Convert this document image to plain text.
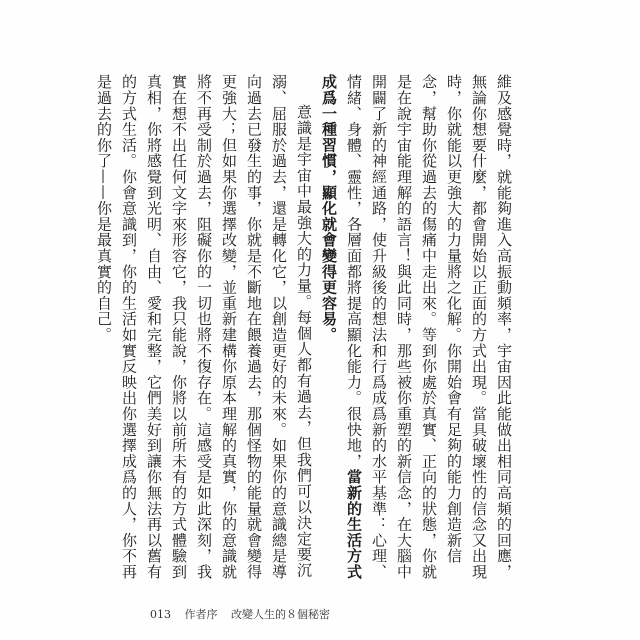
維及感覺時，就能夠進入高振動頻率，宇宙因此能做出相同高頻的回應，無論你想要什麼，都會開始以正面的方式出現。當具破壞性的信念又出現時，你就能以更強大的力量將之化解。你開始會有足夠的能力創造新信念，幫助你從過去的傷痛中走出來。等到你處於真實、正向的狀態，你就是在說宇宙能理解的語言！與此同時，那些被你重塑的新信念，在大腦中開闢了新的神經通路，使升級後的想法和行爲成爲新的水平基準：心理、情緒、身體、靈性，各層面都將提高顯化能力。很快地，當新的生活方式成爲一種習慣，顯化就會變得更容易。

意識是宇宙中最強大的力量。每個人都有過去，但我們可以決定要沉溺、屈服於過去，還是轉化它，以創造更好的未來。如果你的意識總是導向過去已發生的事，你就是不斷地在餵養過去，那個怪物的能量就會變得更強大；但如果你選擇改變，並重新建構你原本理解的真實，你的意識就將不再受制於過去，阻礙你的一切也將不復存在。這感受是如此深刻，我實在想不出任何文字來形容它，我只能說，你將以前所未有的方式體驗到真相，你將感覺到光明、自由、愛和完整，它們美好到讓你無法再以舊有的方式生活。你會意識到，你的生活如實反映出你選擇成爲的人，你不再是過去的你了——你是最真實的自己。

013 作者序 改變人生的８個秘密
